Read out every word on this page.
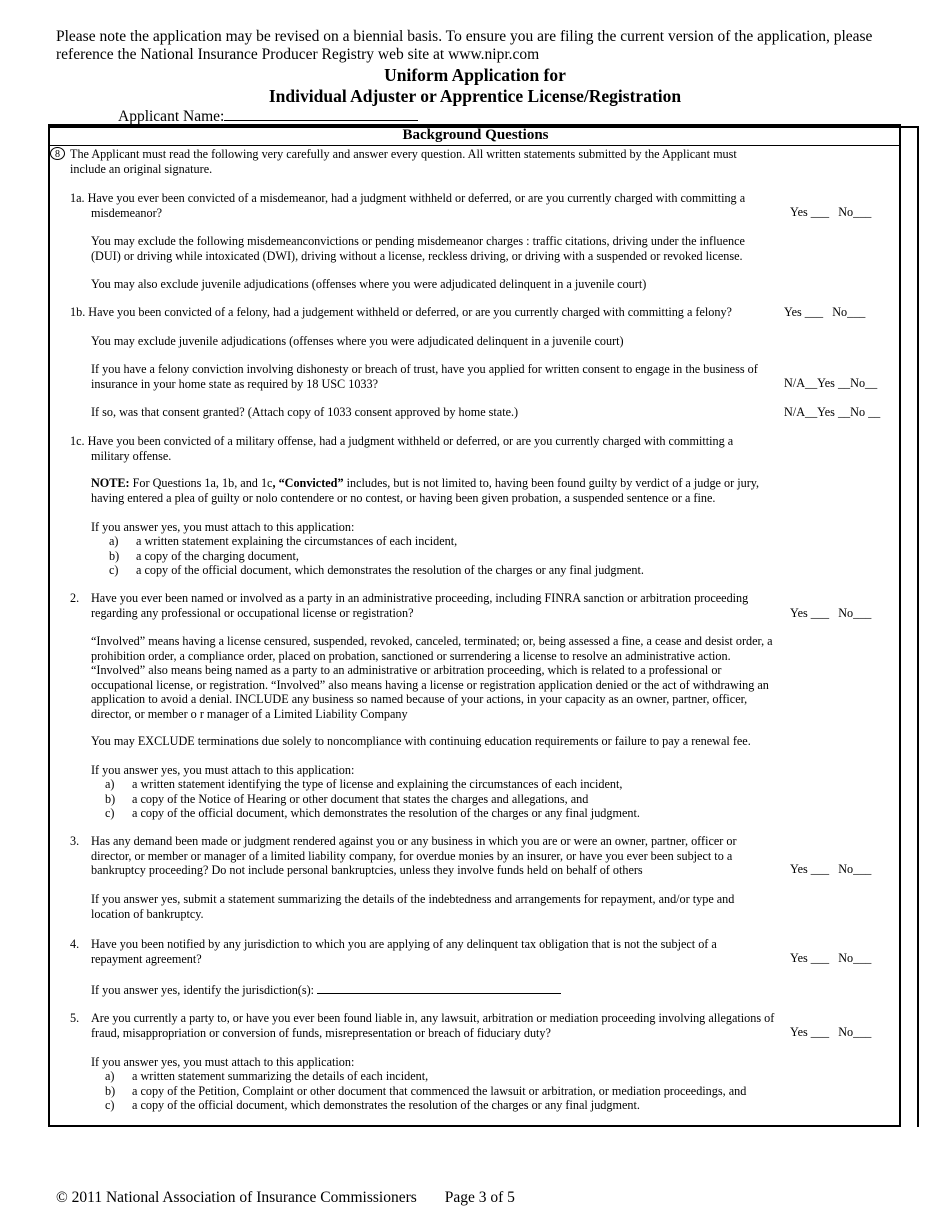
Please note the application may be revised on a biennial basis. To ensure you are filing the current version of the application, please reference the National Insurance Producer Registry web site at www.nipr.com
Uniform Application for
Individual Adjuster or Apprentice License/Registration
Applicant Name:
Background Questions
8 The Applicant must read the following very carefully and answer every question. All written statements submitted by the Applicant must include an original signature.
1a. Have you ever been convicted of a misdemeanor, had a judgment withheld or deferred, or are you currently charged with committing a misdemeanor?	Yes ___   No___
You may exclude the following misdemeanconvictions or pending misdemeanor charges : traffic citations, driving under the influence (DUI) or driving while intoxicated (DWI), driving without a license, reckless driving, or driving with a suspended or revoked license.
You may also exclude juvenile adjudications (offenses where you were adjudicated delinquent in a juvenile court)
1b. Have you been convicted of a felony, had a judgement withheld or deferred, or are you currently charged with committing a felony?	Yes ___   No___
You may exclude juvenile adjudications (offenses where you were adjudicated delinquent in a juvenile court)
If you have a felony conviction involving dishonesty or breach of trust, have you applied for written consent to engage in the business of insurance in your home state as required by 18 USC 1033?	N/A__Yes __No__
If so, was that consent granted? (Attach copy of 1033 consent approved by home state.)	N/A__Yes __No __
1c. Have you been convicted of a military offense, had a judgment withheld or deferred, or are you currently charged with committing a military offense.
NOTE: For Questions 1a, 1b, and 1c, “Convicted” includes, but is not limited to, having been found guilty by verdict of a judge or jury, having entered a plea of guilty or nolo contendere or no contest, or having been given probation, a suspended sentence or a fine.
If you answer yes, you must attach to this application:
a) a written statement explaining the circumstances of each incident,
b) a copy of the charging document,
c) a copy of the official document, which demonstrates the resolution of the charges or any final judgment.
2. Have you ever been named or involved as a party in an administrative proceeding, including FINRA sanction or arbitration proceeding regarding any professional or occupational license or registration?	Yes ___   No___
“Involved” means having a license censured, suspended, revoked, canceled, terminated; or, being assessed a fine, a cease and desist order, a prohibition order, a compliance order, placed on probation, sanctioned or surrendering a license to resolve an administrative action. “Involved” also means being named as a party to an administrative or arbitration proceeding, which is related to a professional or occupational license, or registration. “Involved” also means having a license or registration application denied or the act of withdrawing an application to avoid a denial. INCLUDE any business so named because of your actions, in your capacity as an owner, partner, officer, director, or member o r manager of a Limited Liability Company
You may EXCLUDE terminations due solely to noncompliance with continuing education requirements or failure to pay a renewal fee.
If you answer yes, you must attach to this application:
a) a written statement identifying the type of license and explaining the circumstances of each incident,
b) a copy of the Notice of Hearing or other document that states the charges and allegations, and
c) a copy of the official document, which demonstrates the resolution of the charges or any final judgment.
3. Has any demand been made or judgment rendered against you or any business in which you are or were an owner, partner, officer or director, or member or manager of a limited liability company, for overdue monies by an insurer, or have you ever been subject to a bankruptcy proceeding? Do not include personal bankruptcies, unless they involve funds held on behalf of others	Yes ___   No___
If you answer yes, submit a statement summarizing the details of the indebtedness and arrangements for repayment, and/or type and location of bankruptcy.
4. Have you been notified by any jurisdiction to which you are applying of any delinquent tax obligation that is not the subject of a repayment agreement?	Yes ___   No___
If you answer yes, identify the jurisdiction(s):
5. Are you currently a party to, or have you ever been found liable in, any lawsuit, arbitration or mediation proceeding involving allegations of fraud, misappropriation or conversion of funds, misrepresentation or breach of fiduciary duty?	Yes ___   No___
If you answer yes, you must attach to this application:
a) a written statement summarizing the details of each incident,
b) a copy of the Petition, Complaint or other document that commenced the lawsuit or arbitration, or mediation proceedings, and
c) a copy of the official document, which demonstrates the resolution of the charges or any final judgment.
© 2011 National Association of Insurance Commissioners Page 3 of 5
